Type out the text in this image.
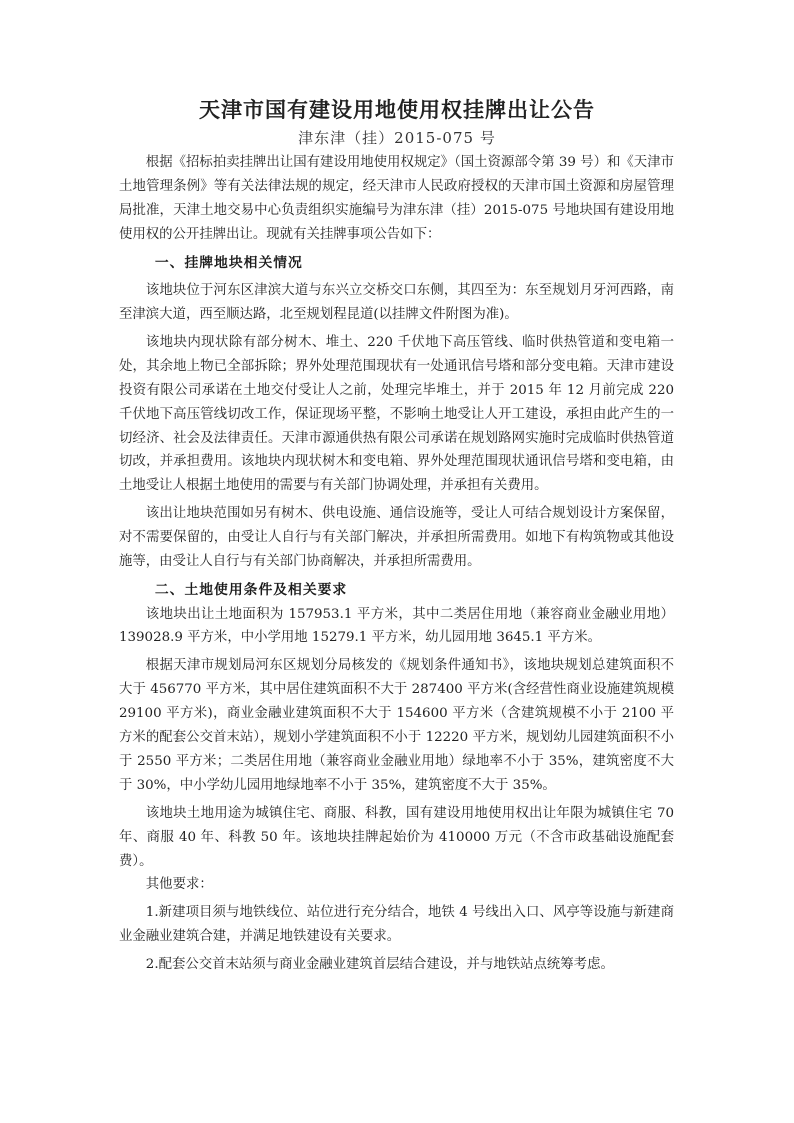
天津市国有建设用地使用权挂牌出让公告
津东津（挂）2015-075 号

根据《招标拍卖挂牌出让国有建设用地使用权规定》（国土资源部令第 39 号）和《天津市土地管理条例》等有关法律法规的规定，经天津市人民政府授权的天津市国土资源和房屋管理局批准，天津土地交易中心负责组织实施编号为津东津（挂）2015-075 号地块国有建设用地使用权的公开挂牌出让。现就有关挂牌事项公告如下：

一、挂牌地块相关情况

该地块位于河东区津滨大道与东兴立交桥交口东侧，其四至为：东至规划月牙河西路，南至津滨大道，西至顺达路，北至规划程昆道(以挂牌文件附图为准)。

该地块内现状除有部分树木、堆土、220 千伏地下高压管线、临时供热管道和变电箱一处，其余地上物已全部拆除；界外处理范围现状有一处通讯信号塔和部分变电箱。天津市建设投资有限公司承诺在土地交付受让人之前，处理完毕堆土，并于 2015 年 12 月前完成 220 千伏地下高压管线切改工作，保证现场平整，不影响土地受让人开工建设，承担由此产生的一切经济、社会及法律责任。天津市源通供热有限公司承诺在规划路网实施时完成临时供热管道切改，并承担费用。该地块内现状树木和变电箱、界外处理范围现状通讯信号塔和变电箱，由土地受让人根据土地使用的需要与有关部门协调处理，并承担有关费用。

该出让地块范围如另有树木、供电设施、通信设施等，受让人可结合规划设计方案保留，对不需要保留的，由受让人自行与有关部门解决，并承担所需费用。如地下有构筑物或其他设施等，由受让人自行与有关部门协商解决，并承担所需费用。

二、土地使用条件及相关要求

该地块出让土地面积为 157953.1 平方米，其中二类居住用地（兼容商业金融业用地）139028.9 平方米，中小学用地 15279.1 平方米，幼儿园用地 3645.1 平方米。

根据天津市规划局河东区规划分局核发的《规划条件通知书》，该地块规划总建筑面积不大于 456770 平方米，其中居住建筑面积不大于 287400 平方米(含经营性商业设施建筑规模 29100 平方米)，商业金融业建筑面积不大于 154600 平方米（含建筑规模不小于 2100 平方米的配套公交首末站），规划小学建筑面积不小于 12220 平方米，规划幼儿园建筑面积不小于 2550 平方米；二类居住用地（兼容商业金融业用地）绿地率不小于 35%，建筑密度不大于 30%，中小学幼儿园用地绿地率不小于 35%，建筑密度不大于 35%。

该地块土地用途为城镇住宅、商服、科教，国有建设用地使用权出让年限为城镇住宅 70 年、商服 40 年、科教 50 年。该地块挂牌起始价为 410000 万元（不含市政基础设施配套费）。

其他要求：

1.新建项目须与地铁线位、站位进行充分结合，地铁 4 号线出入口、风亭等设施与新建商业金融业建筑合建，并满足地铁建设有关要求。

2.配套公交首末站须与商业金融业建筑首层结合建设，并与地铁站点统筹考虑。
